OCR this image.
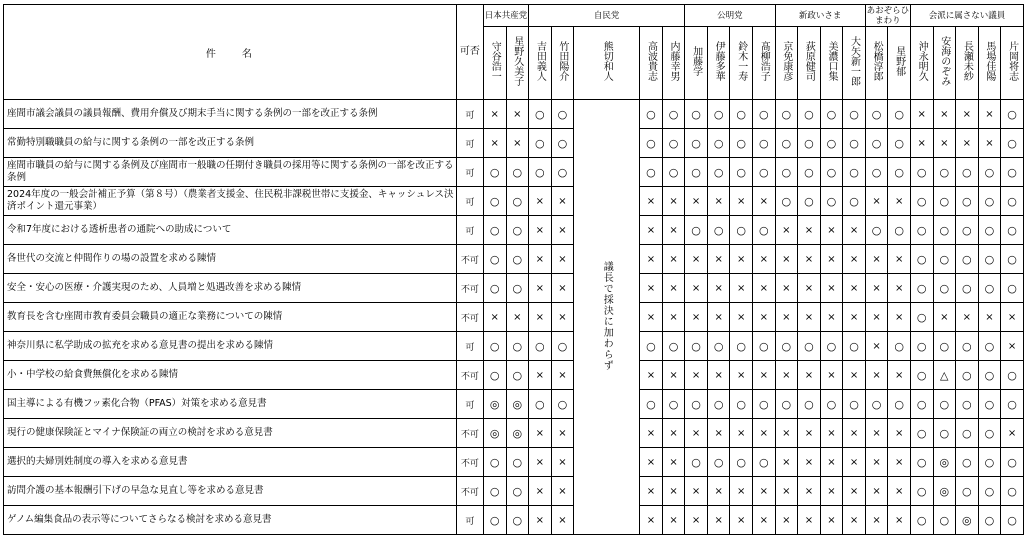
件　　名	可否	日本共産党		自民党					公明党				新政いさま				あおぞらひまわり		会派に属さない議員				
		守谷浩一	星野久美子	吉田義人	竹田陽介	熊切和人	高波貴志	内藤幸男	加藤学	伊藤多華	鈴木一寿	髙柳浩子	京免康彦	荻原健司	美濃口集	大矢新一郎	松橋淳郎	星野郁	沖永明久	安海のぞみ	長瀬未紗	馬場佳陽	片岡将志
座間市議会議員の議員報酬、費用弁償及び期末手当に関する条例の一部を改正する条例	可	×	×	○	○	議長で採決に加わらず	○	○	○	○	○	○	○	○	○	○	○	○	×	×	×	×	○
常勤特別職職員の給与に関する条例の一部を改正する条例	可	×	×	○	○		○	○	○	○	○	○	○	○	○	○	○	○	×	×	×	×	○
座間市職員の給与に関する条例及び座間市一般職の任期付き職員の採用等に関する条例の一部を改正する条例	可	○	○	○	○		○	○	○	○	○	○	○	○	○	○	○	○	○	○	○	○	○
2024年度の一般会計補正予算（第８号）（農業者支援金、住民税非課税世帯に支援金、キャッシュレス決済ポイント還元事業）	可	○	○	×	×		×	×	×	×	×	×	○	○	○	○	×	×	○	○	○	○	○
令和7年度における透析患者の通院への助成について	可	○	○	×	×		×	×	○	○	○	○	×	×	×	×	○	○	○	○	○	○	○
各世代の交流と仲間作りの場の設置を求める陳情	不可	○	○	×	×		×	×	×	×	×	×	×	×	×	×	×	×	○	○	○	○	○
安全・安心の医療・介護実現のため、人員増と処遇改善を求める陳情	不可	○	○	×	×		×	×	×	×	×	×	×	×	×	×	×	×	○	○	○	○	○
教育長を含む座間市教育委員会職員の適正な業務についての陳情	不可	×	×	×	×		×	×	×	×	×	×	×	×	×	×	×	×	○	×	×	×	×
神奈川県に私学助成の拡充を求める意見書の提出を求める陳情	可	○	○	○	○		○	○	○	○	○	○	○	○	○	○	×	○	○	○	○	○	×
小・中学校の給食費無償化を求める陳情	不可	○	○	×	×		×	×	×	×	×	×	×	×	×	×	×	×	○	△	○	○	○
国主導による有機フッ素化合物（PFAS）対策を求める意見書	可	◎	◎	○	○		○	○	○	○	○	○	○	○	○	○	○	○	○	○	○	○	○
現行の健康保険証とマイナ保険証の両立の検討を求める意見書	不可	◎	◎	×	×		×	×	×	×	×	×	×	×	×	×	×	×	○	○	○	○	×
選択的夫婦別姓制度の導入を求める意見書	不可	○	○	×	×		×	×	○	○	○	○	×	×	×	×	×	×	○	◎	○	○	○
訪問介護の基本報酬引下げの早急な見直し等を求める意見書	不可	○	○	×	×		×	×	×	×	×	×	×	×	×	×	×	×	○	◎	○	○	○
ゲノム編集食品の表示等についてさらなる検討を求める意見書	可	○	○	×	×		×	×	×	×	×	×	×	×	×	×	×	×	○	○	◎	○	○
